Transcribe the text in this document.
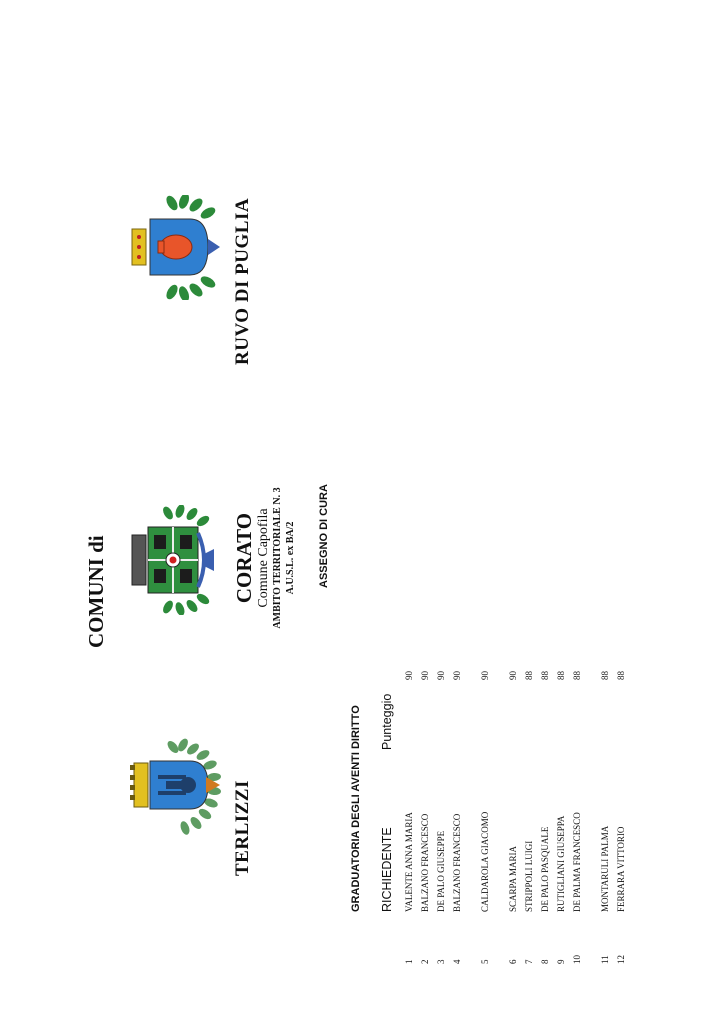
COMUNI di
TERLIZZI
CORATO Comune Capofila AMBITO TERRITORIALE N. 3 A.U.S.L. ex BA/2
RUVO DI PUGLIA
ASSEGNO DI CURA
GRADUATORIA DEGLI AVENTI DIRITTO RICHIEDENTE
Punteggio
1
VALENTE ANNA MARIA
90
2
BALZANO FRANCESCO
90
3
DE PALO GIUSEPPE
90
4
BALZANO FRANCESCO
90
5
CALDAROLA GIACOMO
90
6
SCARPA MARIA
90
7
STRIPPOLI LUIGI
88
8
DE PALO PASQUALE
88
9
RUTIGLIANI GIUSEPPA
88
10
DE PALMA FRANCESCO
88
11
MONTARULI PALMA
88
12
FERRARA VITTORIO
88
